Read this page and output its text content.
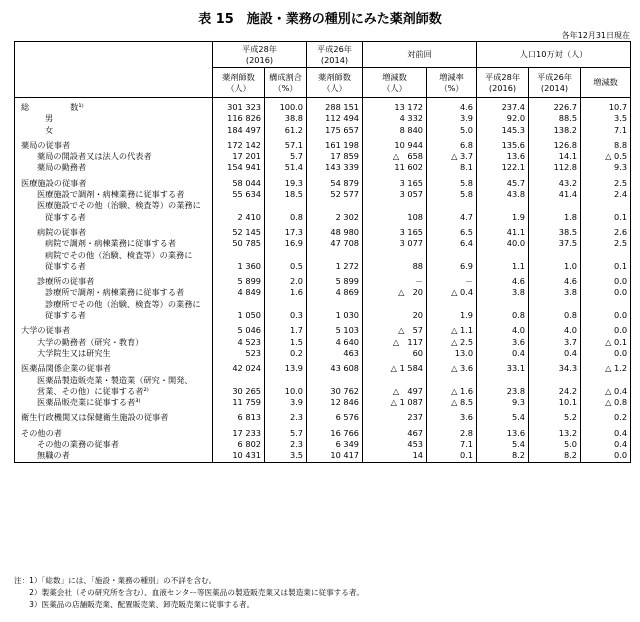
表 15　施設・業務の種別にみた薬剤師数
各年12月31日現在
	平成28年
(2016)		平成26年
(2014)	対前回		人口10万対（人）		
	薬剤師数
（人）	構成割合
（%）	薬剤師数
（人）	増減数
（人）	増減率
（%）	平成28年
(2016)	平成26年
(2014)	増減数
総　　　　　数¹⁾	301 323	100.0	288 151	13 172	4.6	237.4	226.7	10.7
男	116 826	38.8	112 494	4 332	3.9	92.0	88.5	3.5
女	184 497	61.2	175 657	8 840	5.0	145.3	138.2	7.1
薬局の従事者	172 142	57.1	161 198	10 944	6.8	135.6	126.8	8.8
薬局の開設者又は法人の代表者	17 201	5.7	17 859	△　658	△ 3.7	13.6	14.1	△ 0.5
薬局の勤務者	154 941	51.4	143 339	11 602	8.1	122.1	112.8	9.3
医療施設の従事者	58 044	19.3	54 879	3 165	5.8	45.7	43.2	2.5
医療施設で調剤・病棟業務に従事する者	55 634	18.5	52 577	3 057	5.8	43.8	41.4	2.4
医療施設でその他（治験、検査等）の業務に								
従事する者	2 410	0.8	2 302	108	4.7	1.9	1.8	0.1
病院の従事者	52 145	17.3	48 980	3 165	6.5	41.1	38.5	2.6
病院で調剤・病棟業務に従事する者	50 785	16.9	47 708	3 077	6.4	40.0	37.5	2.5
病院でその他（治験、検査等）の業務に								
従事する者	1 360	0.5	1 272	88	6.9	1.1	1.0	0.1
診療所の従事者	5 899	2.0	5 899	－	－	4.6	4.6	0.0
診療所で調剤・病棟業務に従事する者	4 849	1.6	4 869	△　20	△ 0.4	3.8	3.8	0.0
診療所でその他（治験、検査等）の業務に								
従事する者	1 050	0.3	1 030	20	1.9	0.8	0.8	0.0
大学の従事者	5 046	1.7	5 103	△　57	△ 1.1	4.0	4.0	0.0
大学の勤務者（研究・教育）	4 523	1.5	4 640	△　117	△ 2.5	3.6	3.7	△ 0.1
大学院生又は研究生	523	0.2	463	60	13.0	0.4	0.4	0.0
医薬品関係企業の従事者	42 024	13.9	43 608	△ 1 584	△ 3.6	33.1	34.3	△ 1.2
医薬品製造販売業・製造業（研究・開発、								
営業、その他）に従事する者²⁾	30 265	10.0	30 762	△　497	△ 1.6	23.8	24.2	△ 0.4
医薬品販売業に従事する者³⁾	11 759	3.9	12 846	△ 1 087	△ 8.5	9.3	10.1	△ 0.8
衛生行政機関又は保健衛生施設の従事者	6 813	2.3	6 576	237	3.6	5.4	5.2	0.2
その他の者	17 233	5.7	16 766	467	2.8	13.6	13.2	0.4
その他の業務の従事者	6 802	2.3	6 349	453	7.1	5.4	5.0	0.4
無職の者	10 431	3.5	10 417	14	0.1	8.2	8.2	0.0
注：1）「総数」には、「施設・業務の種別」の不詳を含む。
　　2）製薬会社（その研究所を含む）、血液センター等医薬品の製造販売業又は製造業に従事する者。
　　3）医薬品の店舗販売業、配置販売業、卸売販売業に従事する者。
